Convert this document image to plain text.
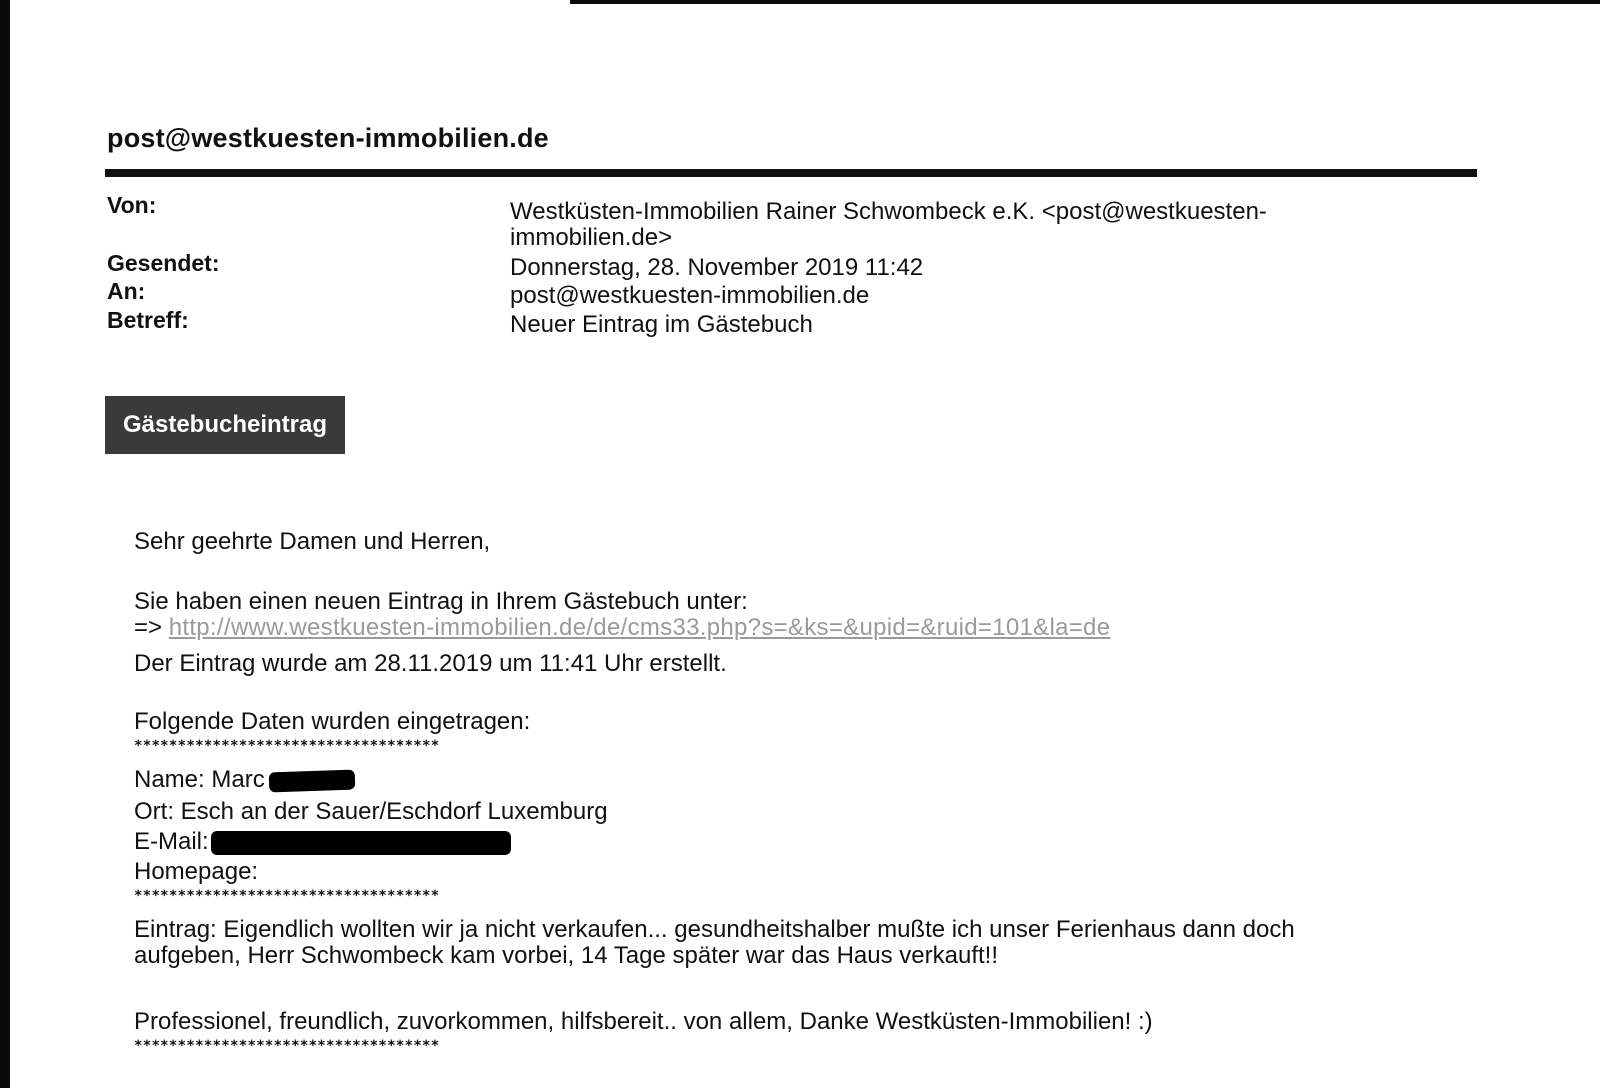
post@westkuesten-immobilien.de
Von:	Westküsten-Immobilien Rainer Schwombeck e.K. <post@westkuesten-
immobilien.de>
Gesendet:	Donnerstag, 28. November 2019 11:42
An:	post@westkuesten-immobilien.de
Betreff:	Neuer Eintrag im Gästebuch
Gästebucheintrag
Sehr geehrte Damen und Herren,
Sie haben einen neuen Eintrag in Ihrem Gästebuch unter:
=> http://www.westkuesten-immobilien.de/de/cms33.php?s=&ks=&upid=&ruid=101&la=de
Der Eintrag wurde am 28.11.2019 um 11:41 Uhr erstellt.
Folgende Daten wurden eingetragen:
***********************************
Name: Marc
Ort: Esch an der Sauer/Eschdorf Luxemburg
E-Mail:
Homepage:
***********************************
Eintrag: Eigendlich wollten wir ja nicht verkaufen... gesundheitshalber mußte ich unser Ferienhaus dann doch
aufgeben, Herr Schwombeck kam vorbei, 14 Tage später war das Haus verkauft!!
Professionel, freundlich, zuvorkommen, hilfsbereit.. von allem, Danke Westküsten-Immobilien! :)
***********************************
